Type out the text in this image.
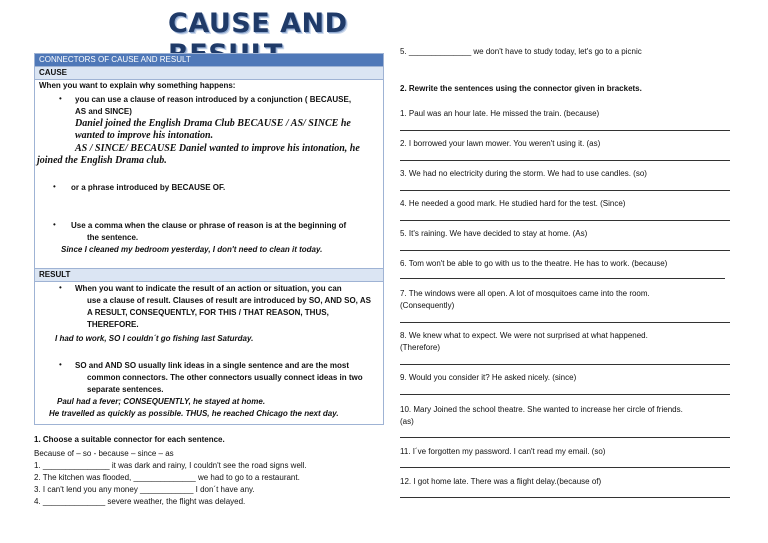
CAUSE AND
CONNECTORS OF CAUSE AND RESULT
CAUSE
When you want to explain why something happens:
• you can use a clause of reason introduced by a conjunction ( BECAUSE,
AS and SINCE)
Daniel joined the English Drama Club BECAUSE / AS/ SINCE he
wanted to improve his intonation.
AS / SINCE/ BECAUSE Daniel wanted to improve his intonation, he
joined the English Drama club.
• or a phrase introduced by BECAUSE OF.
• Use a comma when the clause or phrase of reason is at the beginning of
the sentence.
Since I cleaned my bedroom yesterday, I don't need to clean it today.
RESULT
• When you want to indicate the result of an action or situation, you can
use a clause of result. Clauses of result are introduced by SO, AND SO, AS
A RESULT, CONSEQUENTLY, FOR THIS / THAT REASON, THUS,
THEREFORE.
I had to work, SO I couldn´t go fishing last Saturday.
• SO and AND SO usually link ideas in a single sentence and are the most
common connectors. The other connectors usually connect ideas in two
separate sentences.
Paul had a fever; CONSEQUENTLY, he stayed at home.
He travelled as quickly as possible. THUS, he reached Chicago the next day.
1. Choose a suitable connector for each sentence.
Because of – so - because – since – as
1. _______________ it was dark and rainy, I couldn't see the road signs well.
2. The kitchen was flooded, ______________ we had to go to a restaurant.
3. I can't lend you any money ____________ I don´t have any.
4. ______________ severe weather, the flight was delayed.
5. ______________ we don't have to study today, let's go to a picnic
2. Rewrite the sentences using the connector given in brackets.
1. Paul was an hour late. He missed the train. (because)
2. I borrowed your lawn mower. You weren't using it. (as)
3. We had no electricity during the storm. We had to use candles. (so)
4. He needed a good mark. He studied hard for the test. (Since)
5. It's raining. We have decided to stay at home. (As)
6. Tom won't be able to go with us to the theatre. He has to work. (because)
7. The windows were all open. A lot of mosquitoes came into the room.
(Consequently)
8. We knew what to expect. We were not surprised at what happened.
(Therefore)
9. Would you consider it? He asked nicely. (since)
10. Mary Joined the school theatre. She wanted to increase her circle of friends.
(as)
11. I´ve forgotten my password. I can't read my email. (so)
12. I got home late. There was a flight delay.(because of)
